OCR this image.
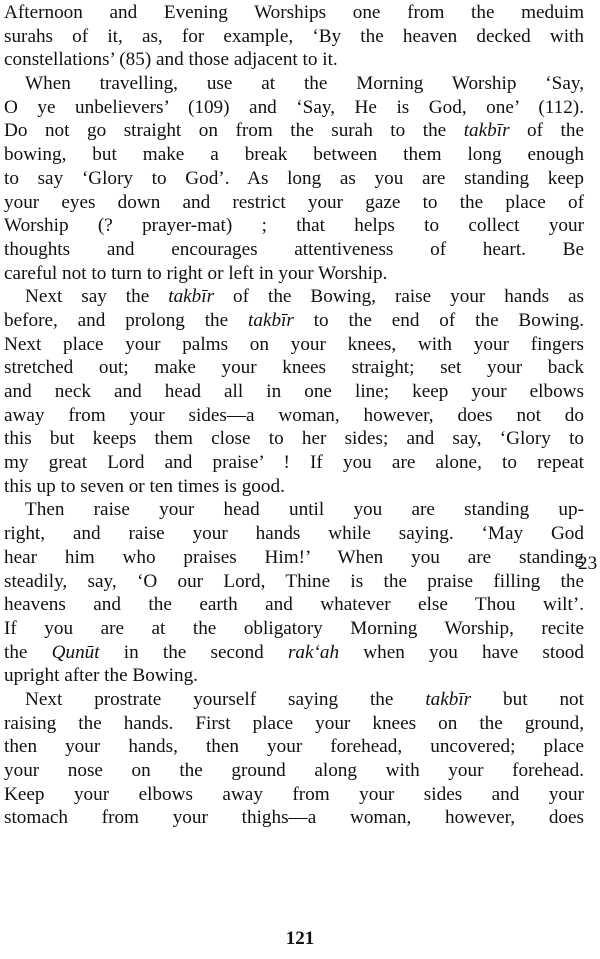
Afternoon and Evening Worships one from the meduim
surahs of it, as, for example, ‘By the heaven decked with
constellations’ (85) and those adjacent to it.
When travelling, use at the Morning Worship ‘Say,
O ye unbelievers’ (109) and ‘Say, He is God, one’ (112).
Do not go straight on from the surah to the takbīr of the
bowing, but make a break between them long enough
to say ‘Glory to God’. As long as you are standing keep
your eyes down and restrict your gaze to the place of
Worship (? prayer-mat) ; that helps to collect your
thoughts and encourages attentiveness of heart. Be
careful not to turn to right or left in your Worship.
Next say the takbīr of the Bowing, raise your hands as
before, and prolong the takbīr to the end of the Bowing.
Next place your palms on your knees, with your fingers
stretched out; make your knees straight; set your back
and neck and head all in one line; keep your elbows
away from your sides—a woman, however, does not do
this but keeps them close to her sides; and say, ‘Glory to
my great Lord and praise’ ! If you are alone, to repeat
this up to seven or ten times is good.
Then raise your head until you are standing up-
right, and raise your hands while saying. ‘May God
hear him who praises Him!’ When you are standing
steadily, say, ‘O our Lord, Thine is the praise filling the
heavens and the earth and whatever else Thou wilt’.
If you are at the obligatory Morning Worship, recite
the Qunūt in the second rak‘ah when you have stood
upright after the Bowing.
Next prostrate yourself saying the takbīr but not
raising the hands. First place your knees on the ground,
then your hands, then your forehead, uncovered; place
your nose on the ground along with your forehead.
Keep your elbows away from your sides and your
stomach from your thighs—a woman, however, does
23
121
